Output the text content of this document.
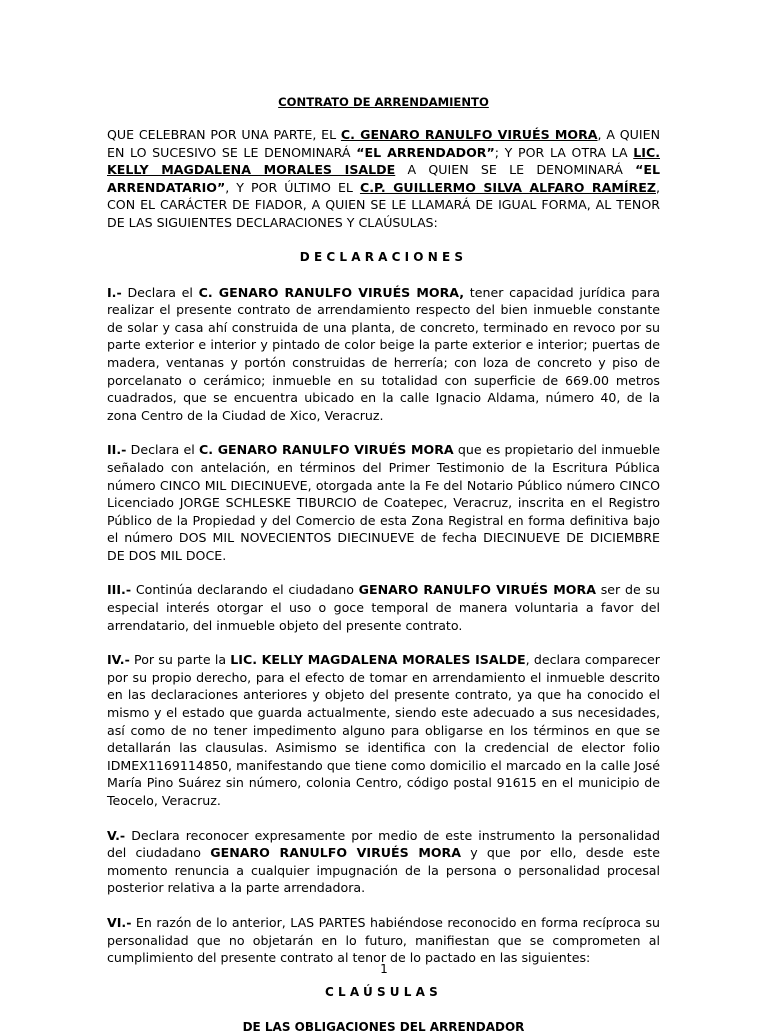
CONTRATO DE ARRENDAMIENTO

QUE CELEBRAN POR UNA PARTE, EL C. GENARO RANULFO VIRUÉS MORA, A QUIEN EN LO SUCESIVO SE LE DENOMINARÁ “EL ARRENDADOR”; Y POR LA OTRA LA LIC. KELLY MAGDALENA MORALES ISALDE A QUIEN SE LE DENOMINARÁ “EL ARRENDATARIO”, Y POR ÚLTIMO EL C.P. GUILLERMO SILVA ALFARO RAMÍREZ, CON EL CARÁCTER DE FIADOR, A QUIEN SE LE LLAMARÁ DE IGUAL FORMA, AL TENOR DE LAS SIGUIENTES DECLARACIONES Y CLAÚSULAS:

DECLARACIONES

I.- Declara el C. GENARO RANULFO VIRUÉS MORA, tener capacidad jurídica para realizar el presente contrato de arrendamiento respecto del bien inmueble constante de solar y casa ahí construida de una planta, de concreto, terminado en revoco por su parte exterior e interior y pintado de color beige la parte exterior e interior; puertas de madera, ventanas y portón construidas de herrería; con loza de concreto y piso de porcelanato o cerámico; inmueble en su totalidad con superficie de 669.00 metros cuadrados, que se encuentra ubicado en la calle Ignacio Aldama, número 40, de la zona Centro de la Ciudad de Xico, Veracruz.

II.- Declara el C. GENARO RANULFO VIRUÉS MORA que es propietario del inmueble señalado con antelación, en términos del Primer Testimonio de la Escritura Pública número CINCO MIL DIECINUEVE, otorgada ante la Fe del Notario Público número CINCO Licenciado JORGE SCHLESKE TIBURCIO de Coatepec, Veracruz, inscrita en el Registro Público de la Propiedad y del Comercio de esta Zona Registral en forma definitiva bajo el número DOS MIL NOVECIENTOS DIECINUEVE de fecha DIECINUEVE DE DICIEMBRE DE DOS MIL DOCE.

III.- Continúa declarando el ciudadano GENARO RANULFO VIRUÉS MORA ser de su especial interés otorgar el uso o goce temporal de manera voluntaria a favor del arrendatario, del inmueble objeto del presente contrato.

IV.- Por su parte la LIC. KELLY MAGDALENA MORALES ISALDE, declara comparecer por su propio derecho, para el efecto de tomar en arrendamiento el inmueble descrito en las declaraciones anteriores y objeto del presente contrato, ya que ha conocido el mismo y el estado que guarda actualmente, siendo este adecuado a sus necesidades, así como de no tener impedimento alguno para obligarse en los términos en que se detallarán las clausulas. Asimismo se identifica con la credencial de elector folio IDMEX1169114850, manifestando que tiene como domicilio el marcado en la calle José María Pino Suárez sin número, colonia Centro, código postal 91615 en el municipio de Teocelo, Veracruz.

V.- Declara reconocer expresamente por medio de este instrumento la personalidad del ciudadano GENARO RANULFO VIRUÉS MORA y que por ello, desde este momento renuncia a cualquier impugnación de la persona o personalidad procesal posterior relativa a la parte arrendadora.

VI.- En razón de lo anterior, LAS PARTES habiéndose reconocido en forma recíproca su personalidad que no objetarán en lo futuro, manifiestan que se comprometen al cumplimiento del presente contrato al tenor de lo pactado en las siguientes:

CLAÚSULAS
DE LAS OBLIGACIONES DEL ARRENDADOR
1
